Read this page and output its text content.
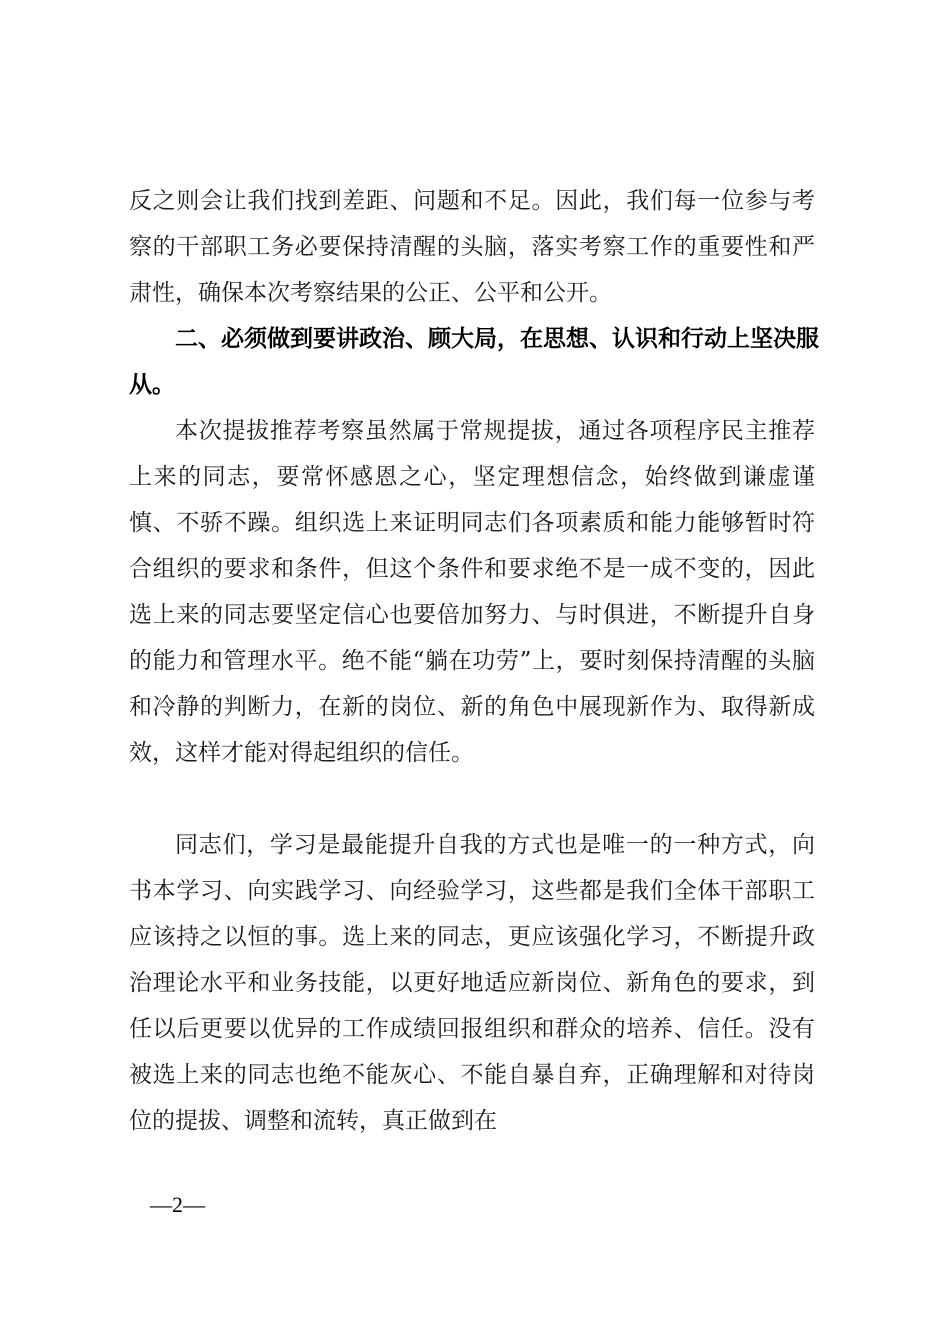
反之则会让我们找到差距、问题和不足。因此，我们每一位参与考察的干部职工务必要保持清醒的头脑，落实考察工作的重要性和严肃性，确保本次考察结果的公正、公平和公开。

二、必须做到要讲政治、顾大局，在思想、认识和行动上坚决服从。

本次提拔推荐考察虽然属于常规提拔，通过各项程序民主推荐上来的同志，要常怀感恩之心，坚定理想信念，始终做到谦虚谨慎、不骄不躁。组织选上来证明同志们各项素质和能力能够暂时符合组织的要求和条件，但这个条件和要求绝不是一成不变的，因此选上来的同志要坚定信心也要倍加努力、与时俱进，不断提升自身的能力和管理水平。绝不能“躺在功劳”上，要时刻保持清醒的头脑和冷静的判断力，在新的岗位、新的角色中展现新作为、取得新成效，这样才能对得起组织的信任。

同志们，学习是最能提升自我的方式也是唯一的一种方式，向书本学习、向实践学习、向经验学习，这些都是我们全体干部职工应该持之以恒的事。选上来的同志，更应该强化学习，不断提升政治理论水平和业务技能，以更好地适应新岗位、新角色的要求，到任以后更要以优异的工作成绩回报组织和群众的培养、信任。没有被选上来的同志也绝不能灰心、不能自暴自弃，正确理解和对待岗位的提拔、调整和流转，真正做到在

—2—
